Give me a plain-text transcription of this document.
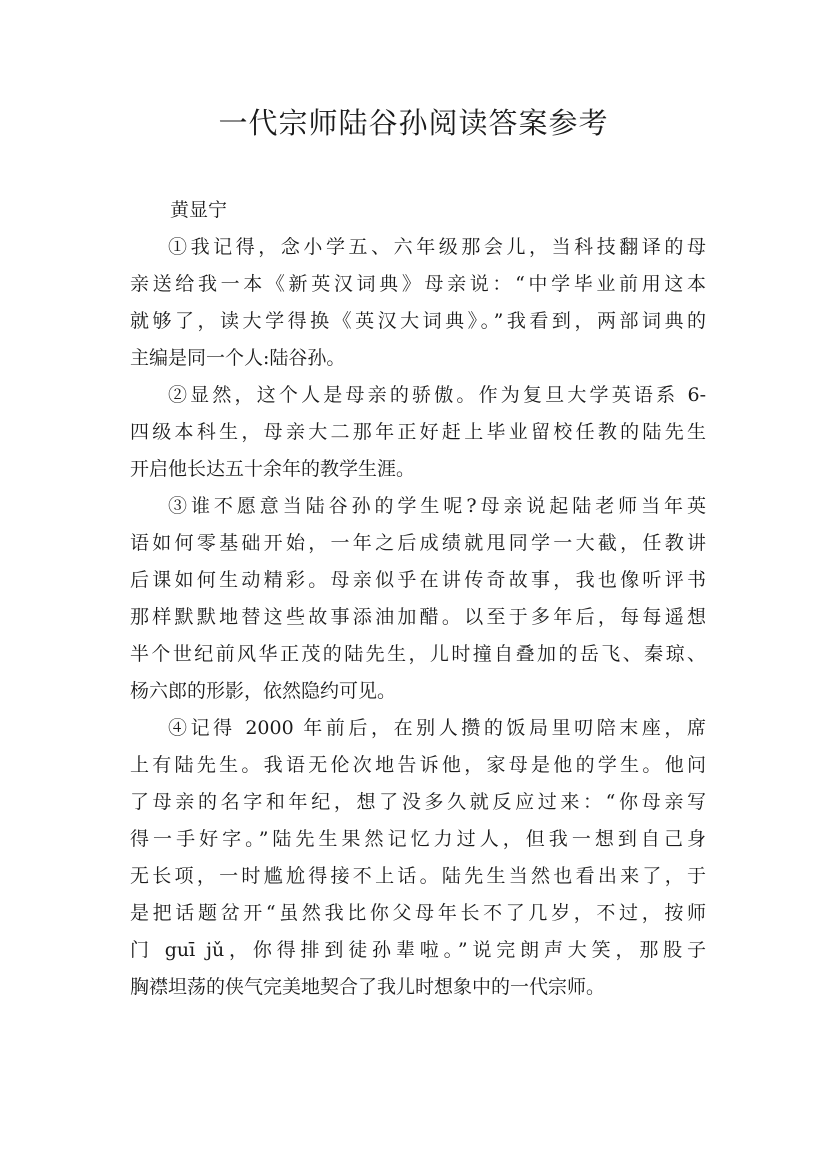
一代宗师陆谷孙阅读答案参考

黄显宁

①我记得，念小学五、六年级那会儿，当科技翻译的母
亲送给我一本《新英汉词典》母亲说：“中学毕业前用这本
就够了，读大学得换《英汉大词典》。”我看到，两部词典的
主编是同一个人:陆谷孙。

②显然，这个人是母亲的骄傲。作为复旦大学英语系 6-
四级本科生，母亲大二那年正好赶上毕业留校任教的陆先生
开启他长达五十余年的教学生涯。

③谁不愿意当陆谷孙的学生呢?母亲说起陆老师当年英
语如何零基础开始，一年之后成绩就甩同学一大截，任教讲
后课如何生动精彩。母亲似乎在讲传奇故事，我也像听评书
那样默默地替这些故事添油加醋。以至于多年后，每每遥想
半个世纪前风华正茂的陆先生，儿时撞自叠加的岳飞、秦琼、
杨六郎的形影，依然隐约可见。

④记得 2000 年前后，在别人攒的饭局里叨陪末座，席
上有陆先生。我语无伦次地告诉他，家母是他的学生。他问
了母亲的名字和年纪，想了没多久就反应过来：“你母亲写
得一手好字。”陆先生果然记忆力过人，但我一想到自己身
无长项，一时尴尬得接不上话。陆先生当然也看出来了，于
是把话题岔开“虽然我比你父母年长不了几岁，不过，按师
门 guī jǔ，你得排到徒孙辈啦。”说完朗声大笑，那股子
胸襟坦荡的侠气完美地契合了我儿时想象中的一代宗师。
